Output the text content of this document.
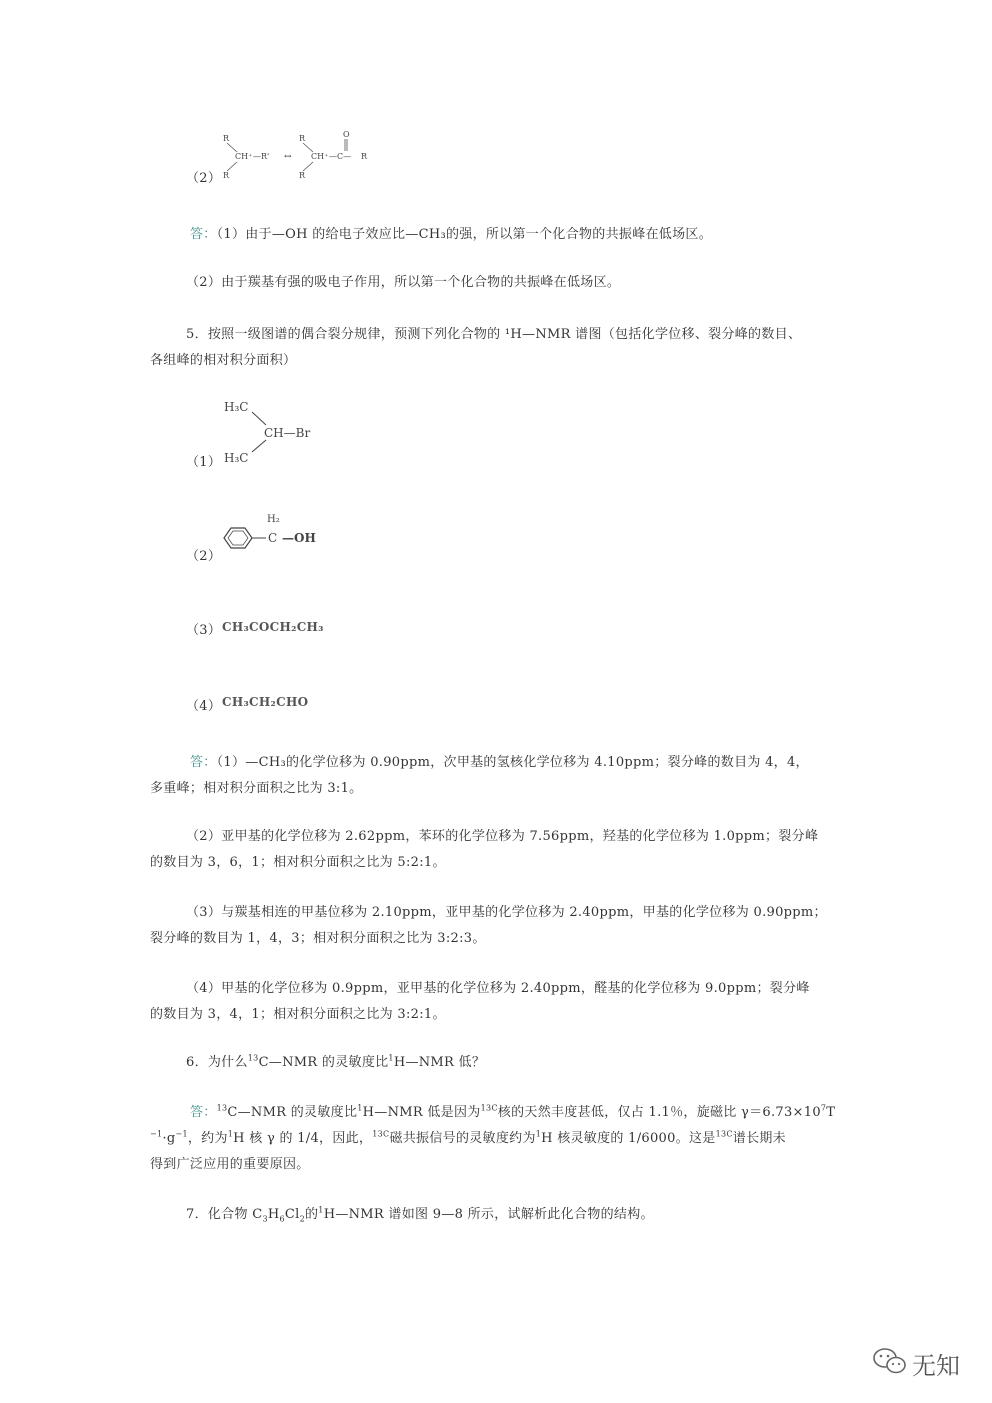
（2）
R
CH⁺ —R'
R
↔
R
CH⁺ —C—
O
R
R
答：（1）由于—OH 的给电子效应比—CH₃的强，所以第一个化合物的共振峰在低场区。
（2）由于羰基有强的吸电子作用，所以第一个化合物的共振峰在低场区。
5．按照一级图谱的偶合裂分规律，预测下列化合物的 ¹H—NMR 谱图（包括化学位移、裂分峰的数目、
各组峰的相对积分面积）
（1）
H₃C
CH—Br
H₃C
（2）
H₂
C —OH
（3） CH₃COCH₂CH₃
（4） CH₃CH₂CHO
答：（1）—CH₃的化学位移为 0.90ppm，次甲基的氢核化学位移为 4.10ppm；裂分峰的数目为 4，4，
多重峰；相对积分面积之比为 3:1。
（2）亚甲基的化学位移为 2.62ppm，苯环的化学位移为 7.56ppm，羟基的化学位移为 1.0ppm；裂分峰
的数目为 3，6，1；相对积分面积之比为 5:2:1。
（3）与羰基相连的甲基位移为 2.10ppm，亚甲基的化学位移为 2.40ppm，甲基的化学位移为 0.90ppm；
裂分峰的数目为 1，4，3；相对积分面积之比为 3:2:3。
（4）甲基的化学位移为 0.9ppm，亚甲基的化学位移为 2.40ppm，醛基的化学位移为 9.0ppm；裂分峰
的数目为 3，4，1；相对积分面积之比为 3:2:1。
6．为什么$^{13}$C—NMR 的灵敏度比$^1$H—NMR 低？
答：$^{13}$C—NMR 的灵敏度比$^1$H—NMR 低是因为$^{13C}$核的天然丰度甚低，仅占 1.1％，旋磁比 $\gamma=6.73\times 10^7T$
$^{-1}\cdot g^{-1}$，约为$^1$H 核 γ 的 1/4，因此，$^{13C}$磁共振信号的灵敏度约为$^1$H 核灵敏度的 1/6000。这是$^{13C}$谱长期未
得到广泛应用的重要原因。
7．化合物 $C_3H_6Cl_2$的$^1$H—NMR 谱如图 9—8 所示，试解析此化合物的结构。
无知
